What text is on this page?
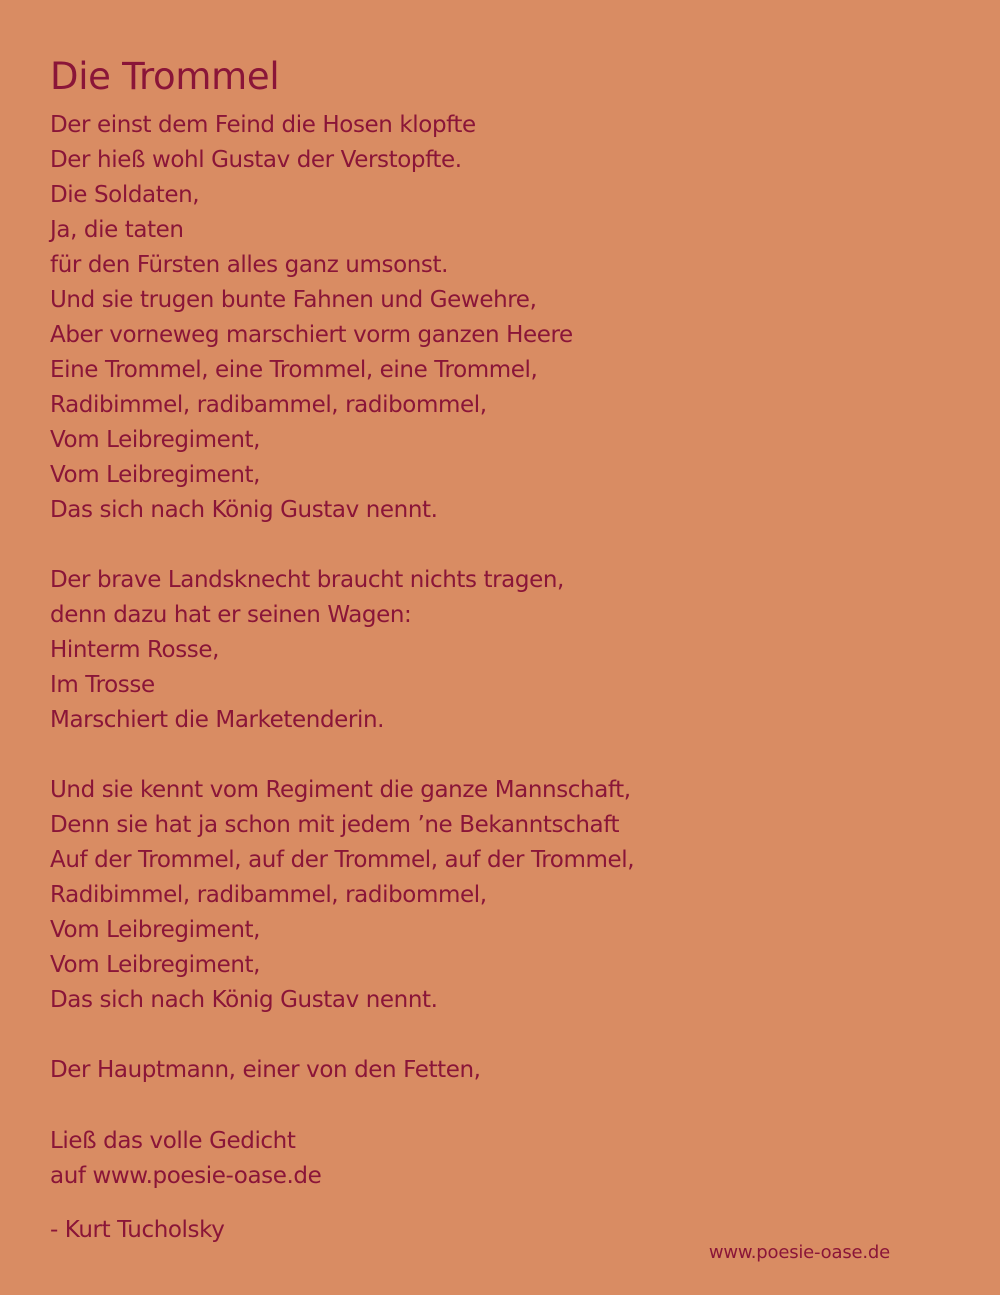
Die Trommel
Der einst dem Feind die Hosen klopfte
Der hieß wohl Gustav der Verstopfte.
Die Soldaten,
Ja, die taten
für den Fürsten alles ganz umsonst.
Und sie trugen bunte Fahnen und Gewehre,
Aber vorneweg marschiert vorm ganzen Heere
Eine Trommel, eine Trommel, eine Trommel,
Radibimmel, radibammel, radibommel,
Vom Leibregiment,
Vom Leibregiment,
Das sich nach König Gustav nennt.
Der brave Landsknecht braucht nichts tragen,
denn dazu hat er seinen Wagen:
Hinterm Rosse,
Im Trosse
Marschiert die Marketenderin.
Und sie kennt vom Regiment die ganze Mannschaft,
Denn sie hat ja schon mit jedem ’ne Bekanntschaft
Auf der Trommel, auf der Trommel, auf der Trommel,
Radibimmel, radibammel, radibommel,
Vom Leibregiment,
Vom Leibregiment,
Das sich nach König Gustav nennt.
Der Hauptmann, einer von den Fetten,
Ließ das volle Gedicht
auf www.poesie-oase.de
- Kurt Tucholsky
www.poesie-oase.de
